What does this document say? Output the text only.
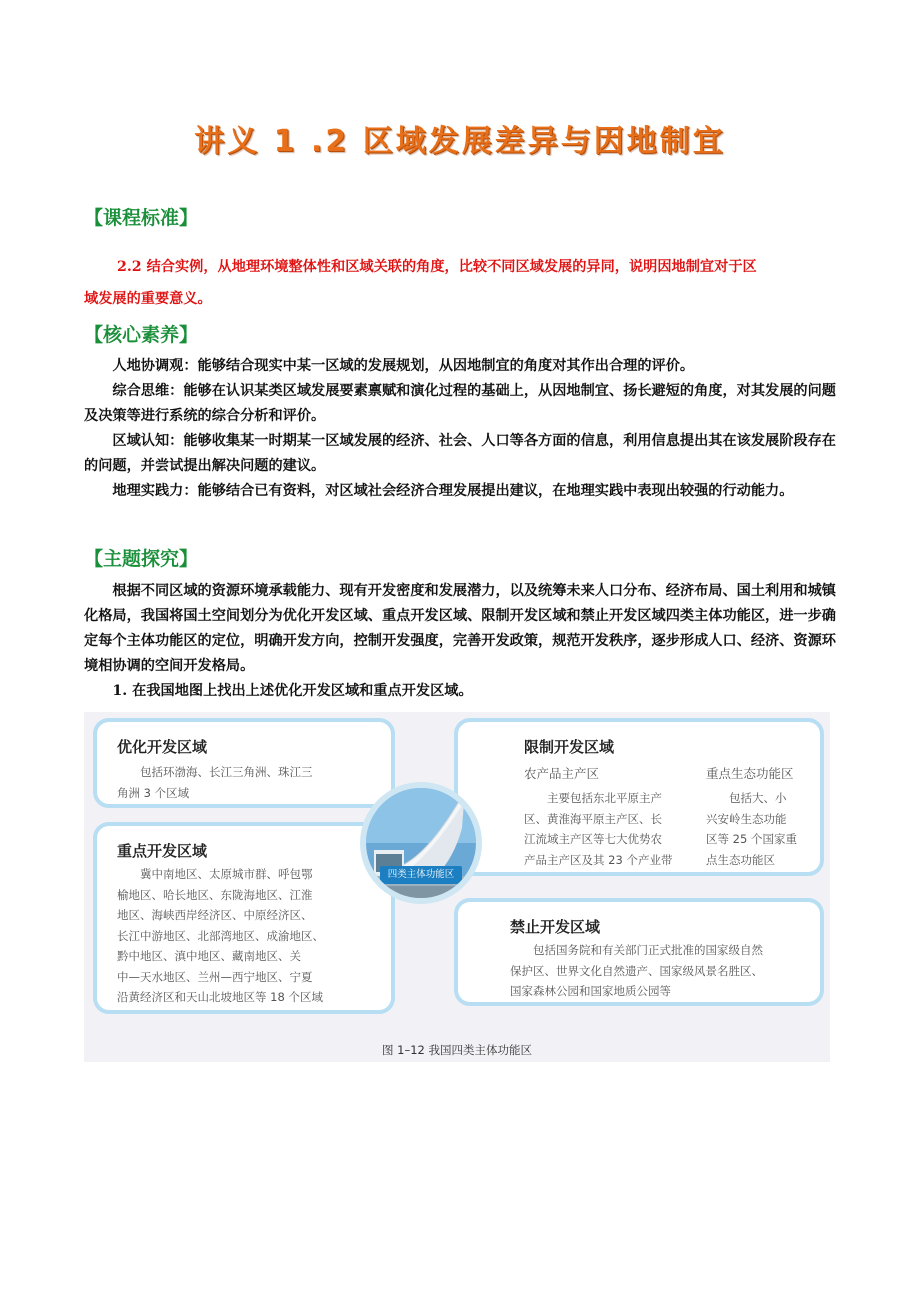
讲义 1 .2 区域发展差异与因地制宜
【课程标准】
2.2 结合实例，从地理环境整体性和区域关联的角度，比较不同区域发展的异同，说明因地制宜对于区
域发展的重要意义。
【核心素养】

人地协调观：能够结合现实中某一区域的发展规划，从因地制宜的角度对其作出合理的评价。

综合思维：能够在认识某类区域发展要素禀赋和演化过程的基础上，从因地制宜、扬长避短的角度，对其发展的问题及决策等进行系统的综合分析和评价。

区域认知：能够收集某一时期某一区域发展的经济、社会、人口等各方面的信息，利用信息提出其在该发展阶段存在的问题，并尝试提出解决问题的建议。

地理实践力：能够结合已有资料，对区域社会经济合理发展提出建议，在地理实践中表现出较强的行动能力。

【主题探究】

根据不同区域的资源环境承载能力、现有开发密度和发展潜力，以及统筹未来人口分布、经济布局、国土利用和城镇化格局，我国将国土空间划分为优化开发区域、重点开发区域、限制开发区域和禁止开发区域四类主体功能区，进一步确定每个主体功能区的定位，明确开发方向，控制开发强度，完善开发政策，规范开发秩序，逐步形成人口、经济、资源环境相协调的空间开发格局。

1. 在我国地图上找出上述优化开发区域和重点开发区域。

优化开发区域
　　包括环渤海、长江三角洲、珠江三
角洲 3 个区域
重点开发区域
　　冀中南地区、太原城市群、呼包鄂
榆地区、哈长地区、东陇海地区、江淮
地区、海峡西岸经济区、中原经济区、
长江中游地区、北部湾地区、成渝地区、
黔中地区、滇中地区、藏南地区、关
中—天水地区、兰州—西宁地区、宁夏
沿黄经济区和天山北坡地区等 18 个区域
限制开发区域
农产品主产区	重点生态功能区
　　主要包括东北平原主产
区、黄淮海平原主产区、长
江流域主产区等七大优势农
产品主产区及其 23 个产业带
　　包括大、小
兴安岭生态功能
区等 25 个国家重
点生态功能区
禁止开发区域
　　包括国务院和有关部门正式批准的国家级自然
保护区、世界文化自然遗产、国家级风景名胜区、
国家森林公园和国家地质公园等
四类主体功能区
图 1–12 我国四类主体功能区
